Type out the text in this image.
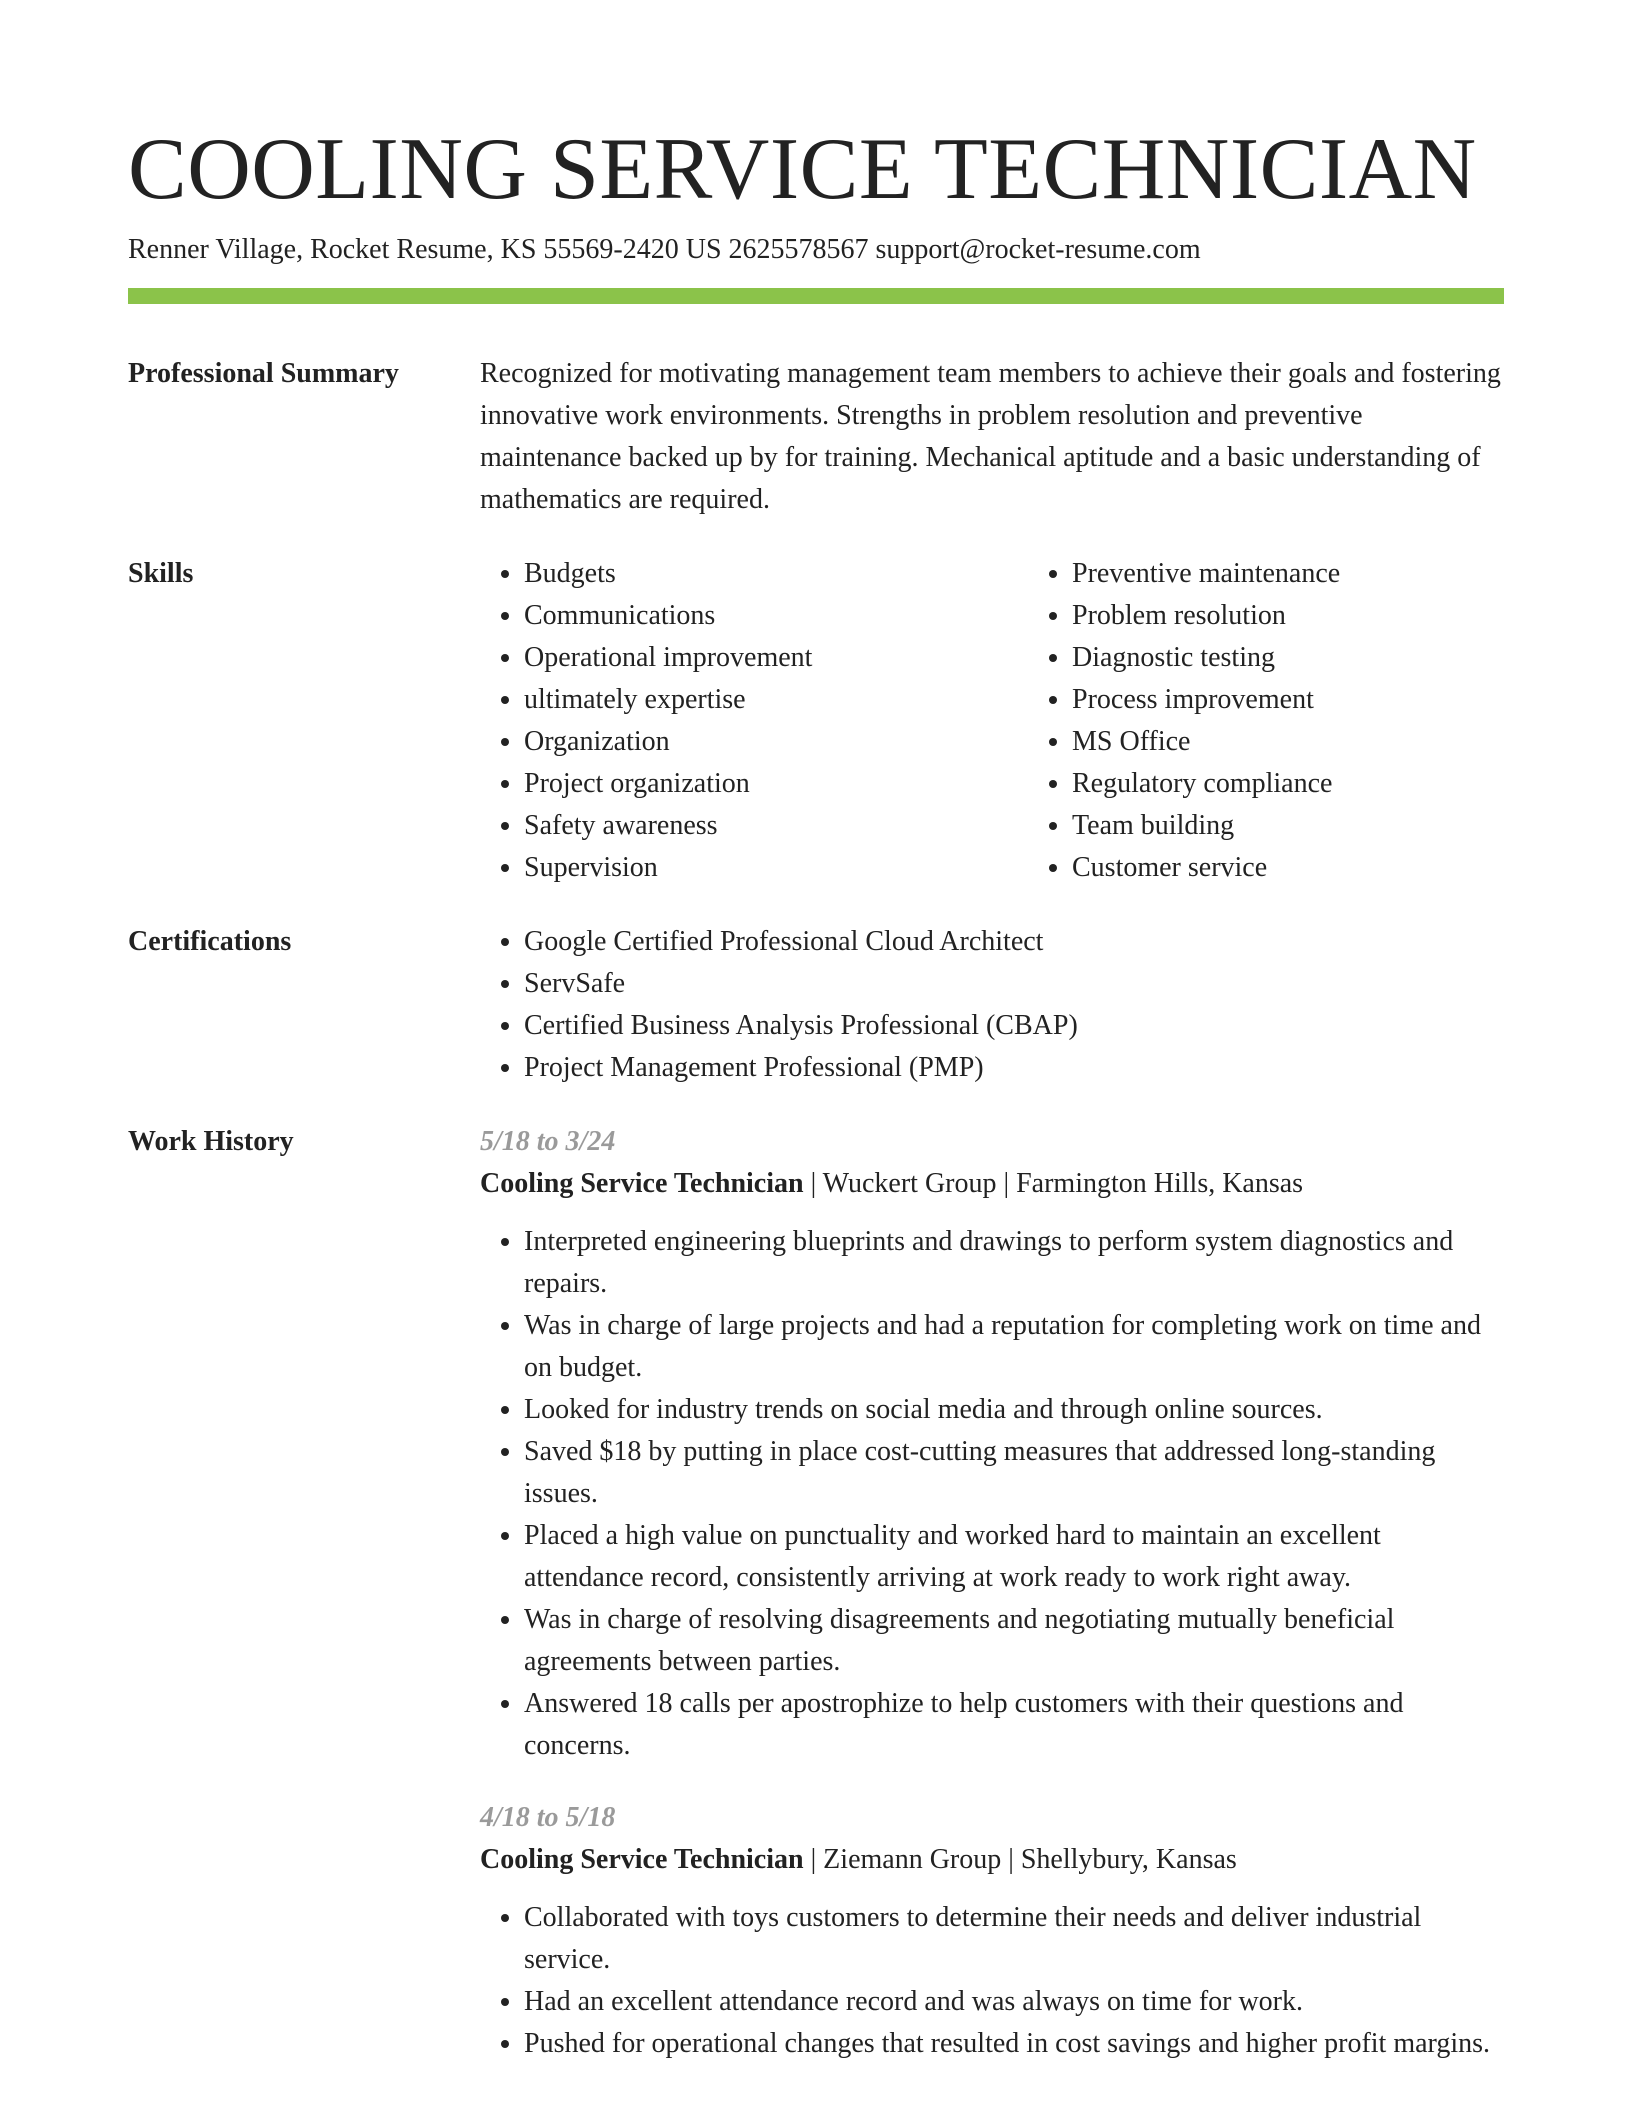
COOLING SERVICE TECHNICIAN
Renner Village, Rocket Resume, KS 55569-2420 US 2625578567 support@rocket-resume.com
Professional Summary	Recognized for motivating management team members to achieve their goals and fostering innovative work environments. Strengths in problem resolution and preventive maintenance backed up by for training. Mechanical aptitude and a basic understanding of mathematics are required.
Skills	• Budgets
• Communications
• Operational improvement
• ultimately expertise
• Organization
• Project organization
• Safety awareness
• Supervision
• Preventive maintenance
• Problem resolution
• Diagnostic testing
• Process improvement
• MS Office
• Regulatory compliance
• Team building
• Customer service
Certifications	• Google Certified Professional Cloud Architect
• ServSafe
• Certified Business Analysis Professional (CBAP)
• Project Management Professional (PMP)
Work History	5/18 to 3/24
Cooling Service Technician | Wuckert Group | Farmington Hills, Kansas
• Interpreted engineering blueprints and drawings to perform system diagnostics and repairs.
• Was in charge of large projects and had a reputation for completing work on time and on budget.
• Looked for industry trends on social media and through online sources.
• Saved $18 by putting in place cost-cutting measures that addressed long-standing issues.
• Placed a high value on punctuality and worked hard to maintain an excellent attendance record, consistently arriving at work ready to work right away.
• Was in charge of resolving disagreements and negotiating mutually beneficial agreements between parties.
• Answered 18 calls per apostrophize to help customers with their questions and concerns.
4/18 to 5/18
Cooling Service Technician | Ziemann Group | Shellybury, Kansas
• Collaborated with toys customers to determine their needs and deliver industrial service.
• Had an excellent attendance record and was always on time for work.
• Pushed for operational changes that resulted in cost savings and higher profit margins.
